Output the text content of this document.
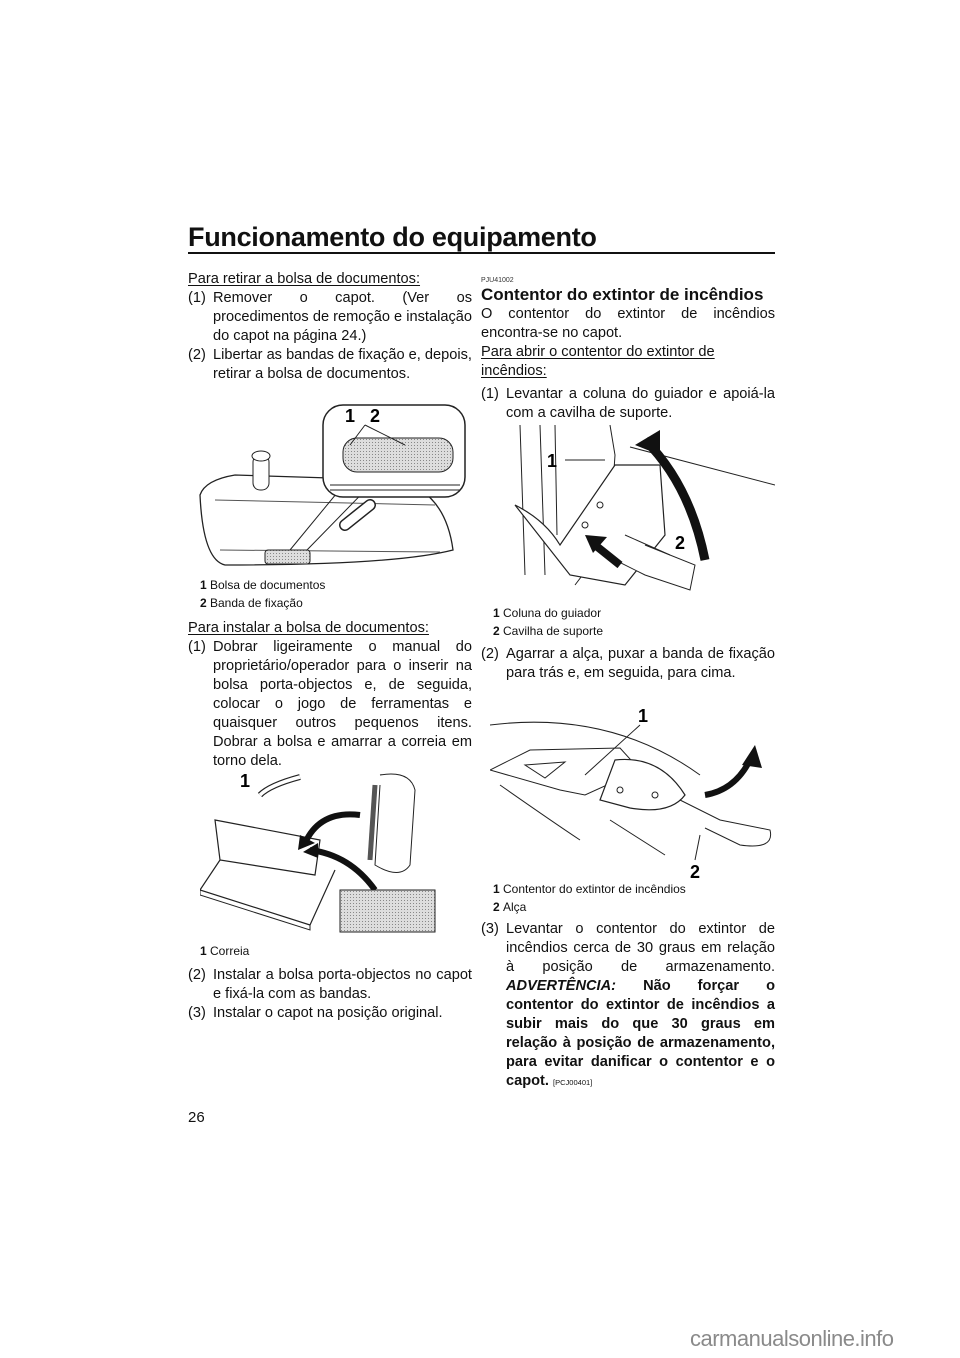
Funcionamento do equipamento
Para retirar a bolsa de documentos:
(1) Remover o capot. (Ver os procedimentos de remoção e instalação do capot na página 24.)
(2) Libertar as bandas de fixação e, depois, retirar a bolsa de documentos.
1 2
1 Bolsa de documentos
2 Banda de fixação
Para instalar a bolsa de documentos:
(1) Dobrar ligeiramente o manual do proprietário/operador para o inserir na bolsa porta-objectos e, de seguida, colocar o jogo de ferramentas e quaisquer outros pequenos itens. Dobrar a bolsa e amarrar a correia em torno dela.
1
1 Correia
(2) Instalar a bolsa porta-objectos no capot e fixá-la com as bandas.
(3) Instalar o capot na posição original.
PJU41002
Contentor do extintor de incêndios
O contentor do extintor de incêndios encontra-se no capot.
Para abrir o contentor do extintor de incêndios:
(1) Levantar a coluna do guiador e apoiá-la com a cavilha de suporte.
1
2
1 Coluna do guiador
2 Cavilha de suporte
(2) Agarrar a alça, puxar a banda de fixação para trás e, em seguida, para cima.
1
2
1 Contentor do extintor de incêndios
2 Alça
(3) Levantar o contentor do extintor de incêndios cerca de 30 graus em relação à posição de armazenamento. ADVERTÊNCIA: Não forçar o contentor do extintor de incêndios a subir mais do que 30 graus em relação à posição de armazenamento, para evitar danificar o contentor e o capot. [PCJ00401]
26
carmanualsonline.info
